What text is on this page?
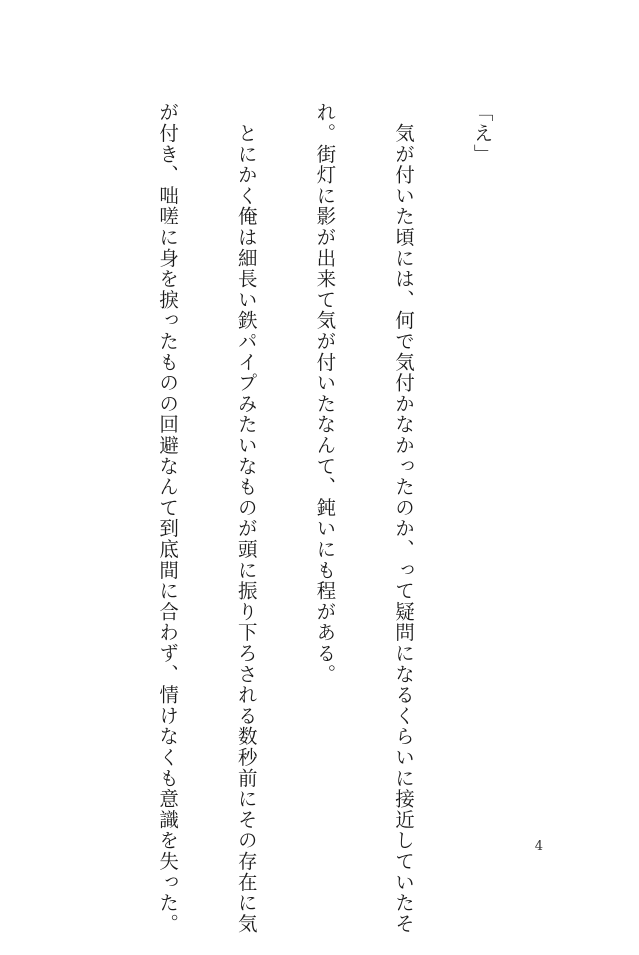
「え」

　気が付いた頃には、何で気付かなかったのか、って疑問になるくらいに接近していたそ

れ。街灯に影が出来て気が付いたなんて、鈍いにも程がある。

　とにかく俺は細長い鉄パイプみたいなものが頭に振り下ろされる数秒前にその存在に気

が付き、咄嗟に身を捩ったものの回避なんて到底間に合わず、情けなくも意識を失った。

	4
